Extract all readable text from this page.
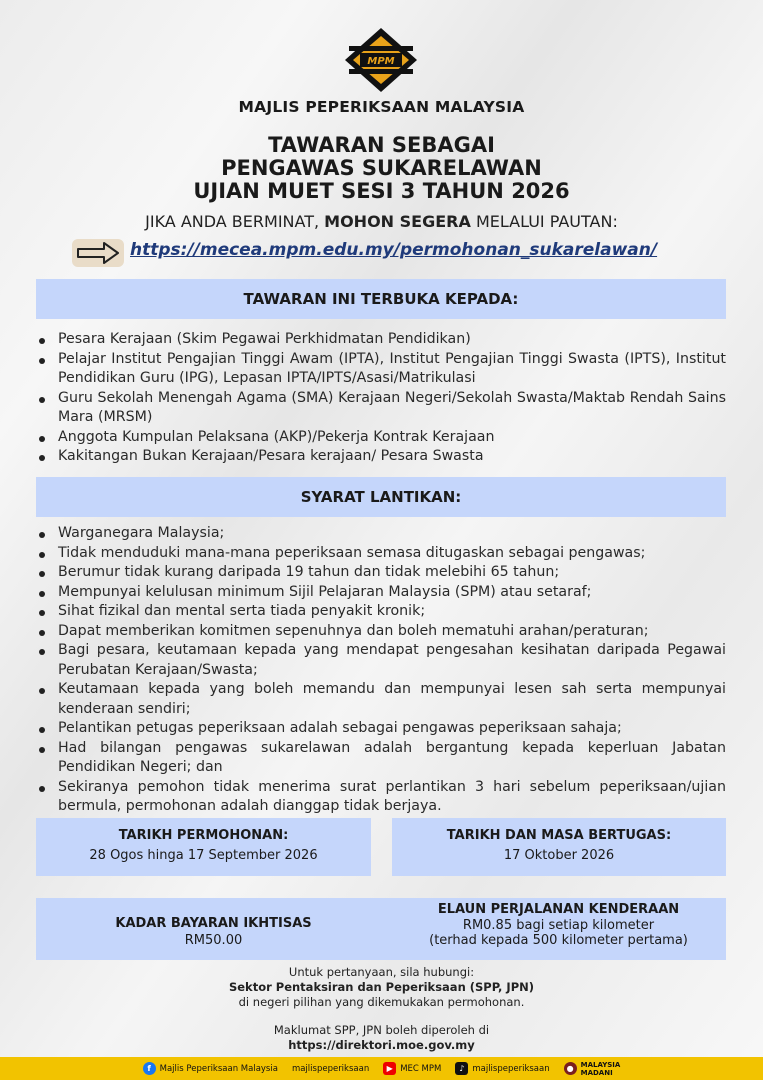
MPM
MAJLIS PEPERIKSAAN MALAYSIA
TAWARAN SEBAGAI
PENGAWAS SUKARELAWAN
UJIAN MUET SESI 3 TAHUN 2026
JIKA ANDA BERMINAT, MOHON SEGERA MELALUI PAUTAN:
https://mecea.mpm.edu.my/permohonan_sukarelawan/
TAWARAN INI TERBUKA KEPADA:
Pesara Kerajaan (Skim Pegawai Perkhidmatan Pendidikan)
Pelajar Institut Pengajian Tinggi Awam (IPTA), Institut Pengajian Tinggi Swasta (IPTS), Institut Pendidikan Guru (IPG), Lepasan IPTA/IPTS/Asasi/Matrikulasi
Guru Sekolah Menengah Agama (SMA) Kerajaan Negeri/Sekolah Swasta/Maktab Rendah Sains Mara (MRSM)
Anggota Kumpulan Pelaksana (AKP)/Pekerja Kontrak Kerajaan
Kakitangan Bukan Kerajaan/Pesara kerajaan/ Pesara Swasta
SYARAT LANTIKAN:
Warganegara Malaysia;
Tidak menduduki mana-mana peperiksaan semasa ditugaskan sebagai pengawas;
Berumur tidak kurang daripada 19 tahun dan tidak melebihi 65 tahun;
Mempunyai kelulusan minimum Sijil Pelajaran Malaysia (SPM) atau setaraf;
Sihat fizikal dan mental serta tiada penyakit kronik;
Dapat memberikan komitmen sepenuhnya dan boleh mematuhi arahan/peraturan;
Bagi pesara, keutamaan kepada yang mendapat pengesahan kesihatan daripada Pegawai Perubatan Kerajaan/Swasta;
Keutamaan kepada yang boleh memandu dan mempunyai lesen sah serta mempunyai kenderaan sendiri;
Pelantikan petugas peperiksaan adalah sebagai pengawas peperiksaan sahaja;
Had bilangan pengawas sukarelawan adalah bergantung kepada keperluan Jabatan Pendidikan Negeri; dan
Sekiranya pemohon tidak menerima surat perlantikan 3 hari sebelum peperiksaan/ujian bermula, permohonan adalah dianggap tidak berjaya.
TARIKH PERMOHONAN:
28 Ogos hinga 17 September 2026
TARIKH DAN MASA BERTUGAS:
17 Oktober 2026
KADAR BAYARAN IKHTISAS
RM50.00
ELAUN PERJALANAN KENDERAAN
RM0.85 bagi setiap kilometer
(terhad kepada 500 kilometer pertama)
Untuk pertanyaan, sila hubungi:
Sektor Pentaksiran dan Peperiksaan (SPP, JPN)
di negeri pilihan yang dikemukakan permohonan.
Maklumat SPP, JPN boleh diperoleh di
https://direktori.moe.gov.my
f	Majlis Peperiksaan Malaysia majlispeperiksaan	▶ MEC MPM	♪ majlispeperiksaan	●	MALAYSIA
MADANI
